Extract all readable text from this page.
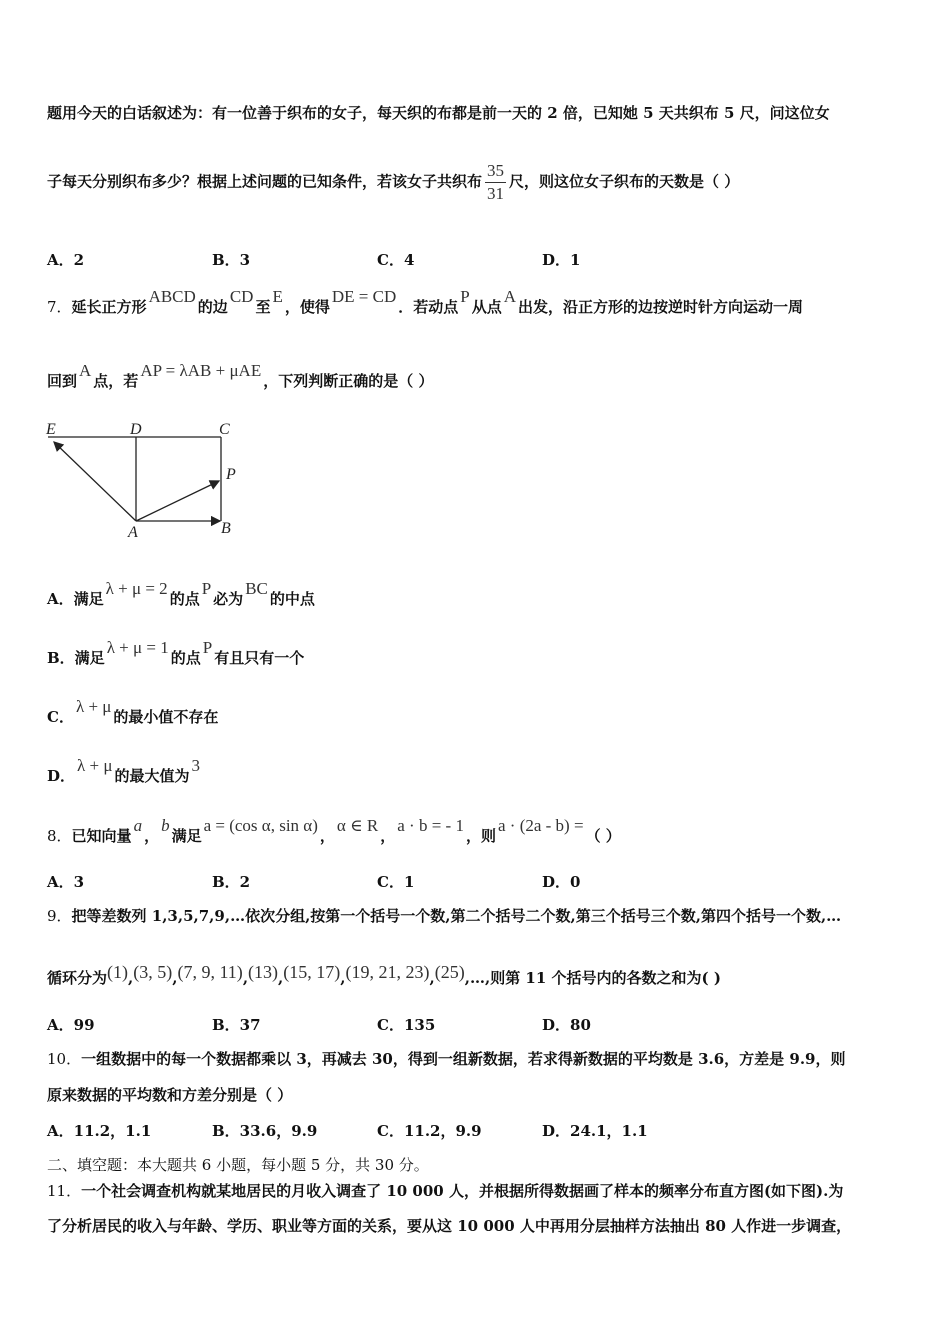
题用今天的白话叙述为：有一位善于织布的女子，每天织的布都是前一天的 2 倍，已知她 5 天共织布 5 尺，问这位女
子每天分别织布多少？根据上述问题的已知条件，若该女子共织布 $\frac{35}{31}$ 尺，则这位女子织布的天数是（ ）
A．2	B．3	C．4	D．1
7．延长正方形ABCD的边CD至E，使得DE = CD．若动点P从点A出发，沿正方形的边按逆时针方向运动一周
回到A点，若AP = λAB + μAE，下列判断正确的是（ ）
E	D	C
P
A	B
A．满足λ + μ = 2的点P必为BC的中点
B．满足λ + μ = 1的点P有且只有一个
C．λ + μ的最小值不存在
D．λ + μ的最大值为3
8．已知向量a，b满足a = (cos α, sin α)，α ∈ R，a · b = - 1，则a · (2a - b) =（ ）
A．3	B．2	C．1	D．0
9．把等差数列 1,3,5,7,9,…依次分组,按第一个括号一个数,第二个括号二个数,第三个括号三个数,第四个括号一个数,…
循环分为(1),(3, 5),(7, 9, 11),(13),(15, 17),(19, 21, 23),(25),…,则第 11 个括号内的各数之和为( )
A．99	B．37	C．135	D．80
10．一组数据中的每一个数据都乘以 3，再减去 30，得到一组新数据，若求得新数据的平均数是 3.6，方差是 9.9，则
原来数据的平均数和方差分别是（ ）
A．11.2，1.1	B．33.6，9.9	C．11.2，9.9	D．24.1，1.1
二、填空题：本大题共 6 小题，每小题 5 分，共 30 分。
11．一个社会调查机构就某地居民的月收入调查了 10 000 人，并根据所得数据画了样本的频率分布直方图(如下图).为
了分析居民的收入与年龄、学历、职业等方面的关系，要从这 10 000 人中再用分层抽样方法抽出 80 人作进一步调查，
